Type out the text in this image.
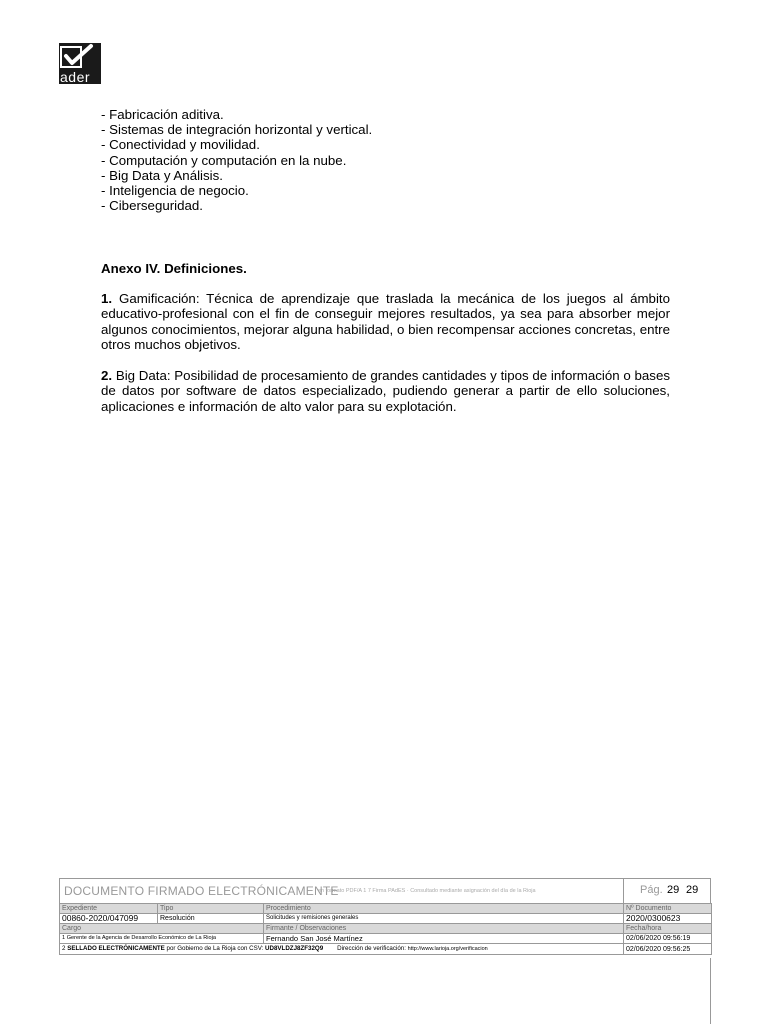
ader
- Fabricación aditiva.
- Sistemas de integración horizontal y vertical.
- Conectividad y movilidad.
- Computación y computación en la nube.
- Big Data y Análisis.
- Inteligencia de negocio.
- Ciberseguridad.
Anexo IV. Definiciones.

1. Gamificación: Técnica de aprendizaje que traslada la mecánica de los juegos al ámbito educativo-profesional con el fin de conseguir mejores resultados, ya sea para absorber mejor algunos conocimientos, mejorar alguna habilidad, o bien recompensar acciones concretas, entre otros muchos objetivos.

2. Big Data: Posibilidad de procesamiento de grandes cantidades y tipos de información o bases de datos por software de datos especializado, pudiendo generar a partir de ello soluciones, aplicaciones e información de alto valor para su explotación.

DOCUMENTO FIRMADO ELECTRÓNICAMENTE
en formato PDF/A 1 7 Firma PAdES · Consultado mediante asignación del día de la Rioja	Pág. 29 29
Expediente	Tipo	Procedimiento	Nº Documento
00860-2020/047099	Resolución	Solicitudes y remisiones generales	2020/0300623
Cargo		Firmante / Observaciones	Fecha/hora
1 Gerente de la Agencia de Desarrollo Económico de La Rioja		Fernando San José Martínez	02/06/2020 09:56:19
2 SELLADO ELECTRÓNICAMENTE por Gobierno de La Rioja con CSV: UD8VLDZJ8ZF32Q9 Dirección de verificación: http://www.larioja.org/verificacion			02/06/2020 09:56:25
